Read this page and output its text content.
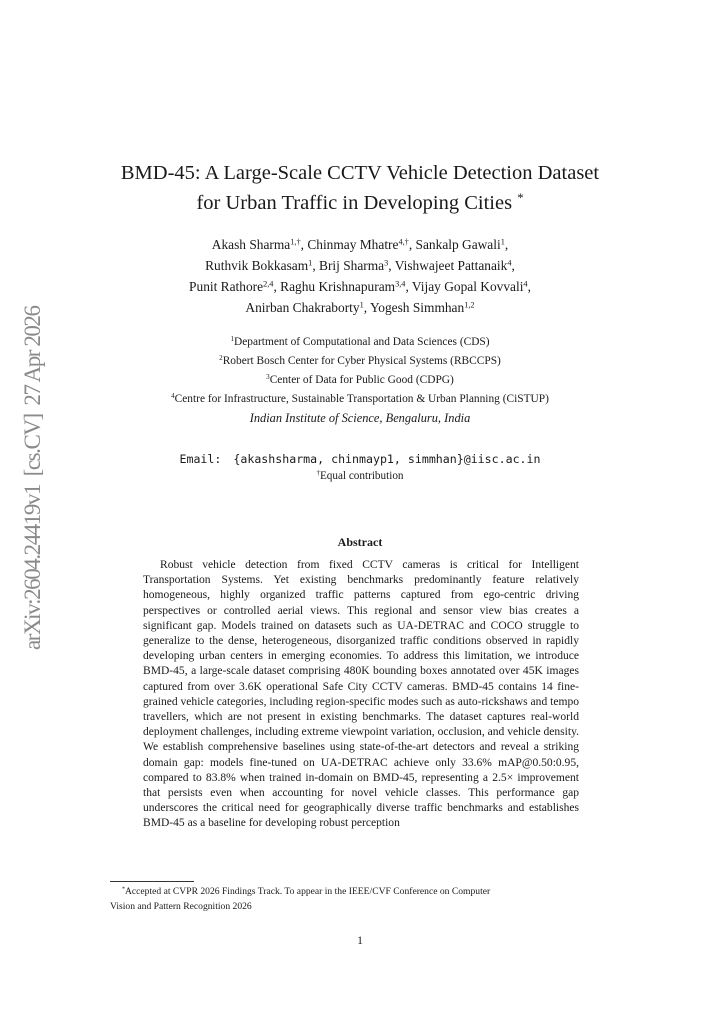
arXiv:2604.24419v1  [cs.CV]  27 Apr 2026
BMD-45: A Large-Scale CCTV Vehicle Detection Dataset
for Urban Traffic in Developing Cities *
Akash Sharma$^{1,\dagger}$, Chinmay Mhatre$^{4,\dagger}$, Sankalp Gawali$^1$,
Ruthvik Bokkasam$^1$, Brij Sharma$^3$, Vishwajeet Pattanaik$^4$,
Punit Rathore$^{2,4}$, Raghu Krishnapuram$^{3,4}$, Vijay Gopal Kovvali$^4$,
Anirban Chakraborty$^1$, Yogesh Simmhan$^{1,2}$
$^1$Department of Computational and Data Sciences (CDS)
$^2$Robert Bosch Center for Cyber Physical Systems (RBCCPS)
$^3$Center of Data for Public Good (CDPG)
$^4$Centre for Infrastructure, Sustainable Transportation & Urban Planning (CiSTUP)
Indian Institute of Science, Bengaluru, India
Email: {akashsharma, chinmayp1, simmhan}@iisc.ac.in
†Equal contribution
Abstract

Robust vehicle detection from fixed CCTV cameras is critical for Intelligent Transportation Systems. Yet existing benchmarks predominantly feature relatively homogeneous, highly organized traffic patterns captured from ego-centric driving perspectives or controlled aerial views. This regional and sensor view bias creates a significant gap. Models trained on datasets such as UA-DETRAC and COCO struggle to generalize to the dense, heterogeneous, disorganized traffic conditions observed in rapidly developing urban centers in emerging economies. To address this limitation, we introduce BMD-45, a large-scale dataset comprising 480K bounding boxes annotated over 45K images captured from over 3.6K operational Safe City CCTV cameras. BMD-45 contains 14 fine-grained vehicle categories, including region-specific modes such as auto-rickshaws and tempo travellers, which are not present in existing benchmarks. The dataset captures real-world deployment challenges, including extreme viewpoint variation, occlusion, and vehicle density. We establish comprehensive baselines using state-of-the-art detectors and reveal a striking domain gap: models fine-tuned on UA-DETRAC achieve only 33.6% mAP@0.50:0.95, compared to 83.8% when trained in-domain on BMD-45, representing a 2.5× improvement that persists even when accounting for novel vehicle classes. This performance gap underscores the critical need for geographically diverse traffic benchmarks and establishes BMD-45 as a baseline for developing robust perception

*Accepted at CVPR 2026 Findings Track. To appear in the IEEE/CVF Conference on Computer
Vision and Pattern Recognition 2026
1
